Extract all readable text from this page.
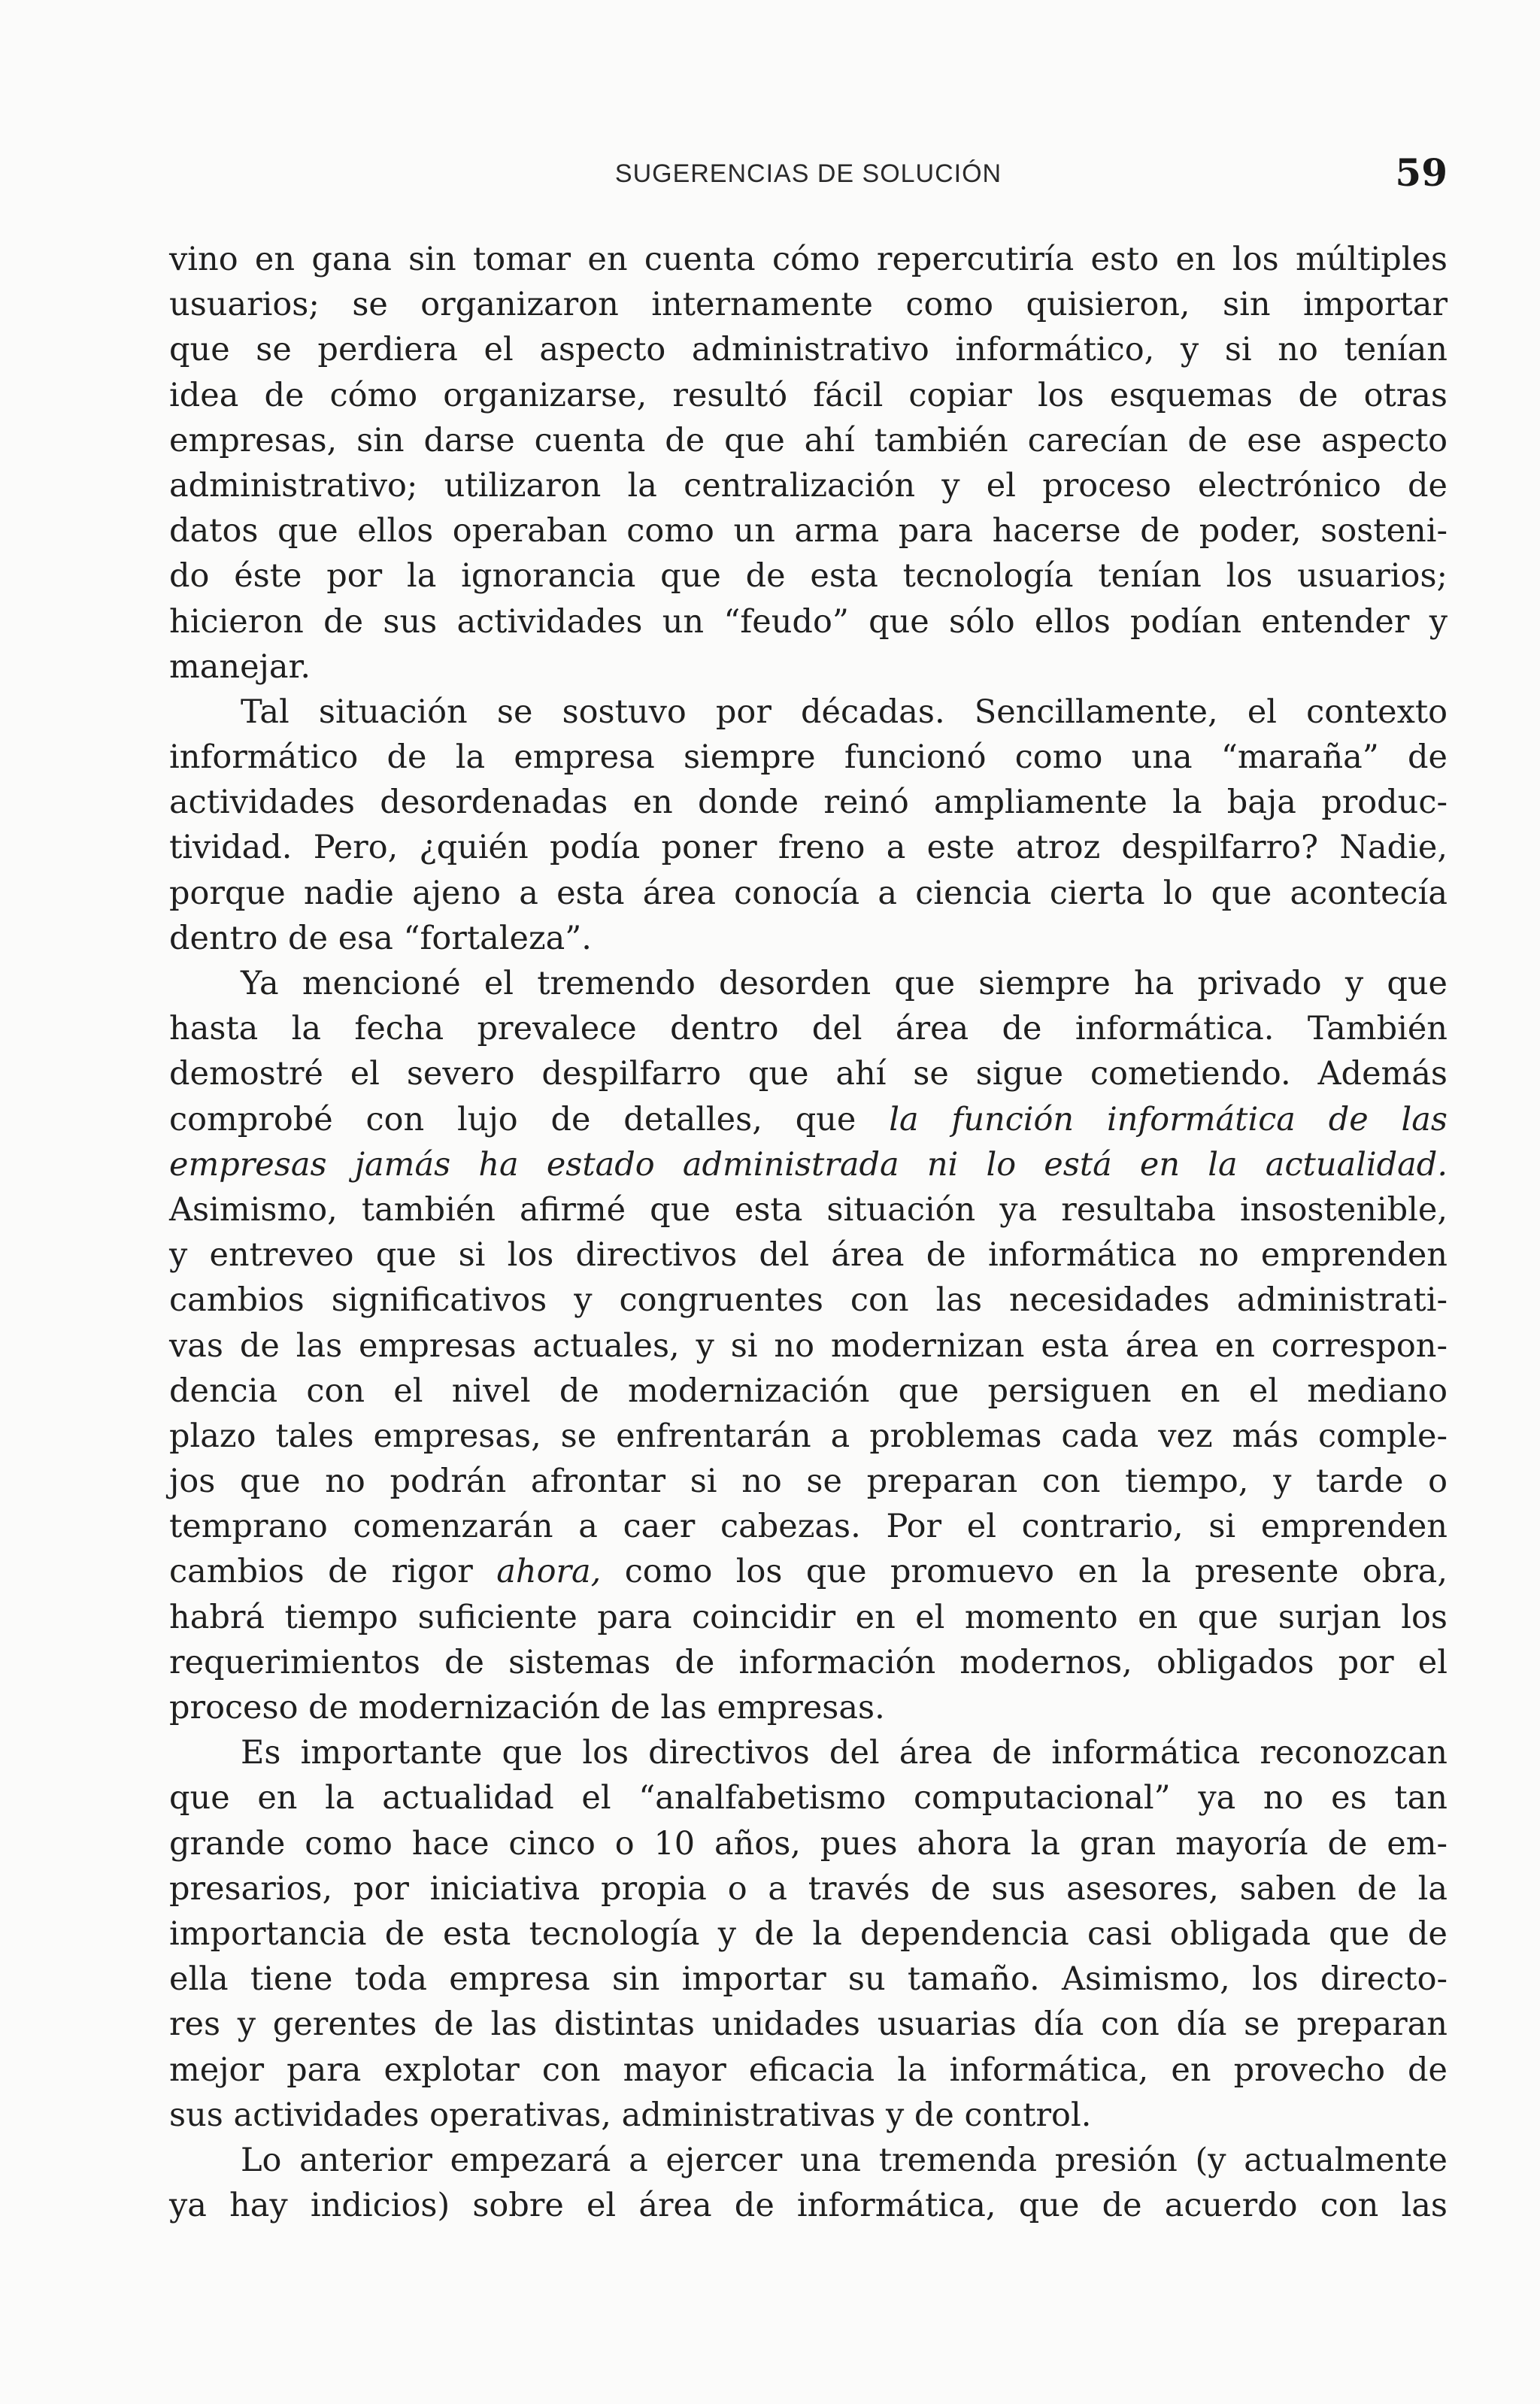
SUGERENCIAS DE SOLUCIÓN	59
vino en gana sin tomar en cuenta cómo repercutiría esto en los múltiples
usuarios; se organizaron internamente como quisieron, sin importar
que se perdiera el aspecto administrativo informático, y si no tenían
idea de cómo organizarse, resultó fácil copiar los esquemas de otras
empresas, sin darse cuenta de que ahí también carecían de ese aspecto
administrativo; utilizaron la centralización y el proceso electrónico de
datos que ellos operaban como un arma para hacerse de poder, sosteni-
do éste por la ignorancia que de esta tecnología tenían los usuarios;
hicieron de sus actividades un “feudo” que sólo ellos podían entender y
manejar.
Tal situación se sostuvo por décadas. Sencillamente, el contexto
informático de la empresa siempre funcionó como una “maraña” de
actividades desordenadas en donde reinó ampliamente la baja produc-
tividad. Pero, ¿quién podía poner freno a este atroz despilfarro? Nadie,
porque nadie ajeno a esta área conocía a ciencia cierta lo que acontecía
dentro de esa “fortaleza”.
Ya mencioné el tremendo desorden que siempre ha privado y que
hasta la fecha prevalece dentro del área de informática. También
demostré el severo despilfarro que ahí se sigue cometiendo. Además
comprobé con lujo de detalles, que la función informática de las
empresas jamás ha estado administrada ni lo está en la actualidad.
Asimismo, también afirmé que esta situación ya resultaba insostenible,
y entreveo que si los directivos del área de informática no emprenden
cambios significativos y congruentes con las necesidades administrati-
vas de las empresas actuales, y si no modernizan esta área en correspon-
dencia con el nivel de modernización que persiguen en el mediano
plazo tales empresas, se enfrentarán a problemas cada vez más comple-
jos que no podrán afrontar si no se preparan con tiempo, y tarde o
temprano comenzarán a caer cabezas. Por el contrario, si emprenden
cambios de rigor ahora, como los que promuevo en la presente obra,
habrá tiempo suficiente para coincidir en el momento en que surjan los
requerimientos de sistemas de información modernos, obligados por el
proceso de modernización de las empresas.
Es importante que los directivos del área de informática reconozcan
que en la actualidad el “analfabetismo computacional” ya no es tan
grande como hace cinco o 10 años, pues ahora la gran mayoría de em-
presarios, por iniciativa propia o a través de sus asesores, saben de la
importancia de esta tecnología y de la dependencia casi obligada que de
ella tiene toda empresa sin importar su tamaño. Asimismo, los directo-
res y gerentes de las distintas unidades usuarias día con día se preparan
mejor para explotar con mayor eficacia la informática, en provecho de
sus actividades operativas, administrativas y de control.
Lo anterior empezará a ejercer una tremenda presión (y actualmente
ya hay indicios) sobre el área de informática, que de acuerdo con las
